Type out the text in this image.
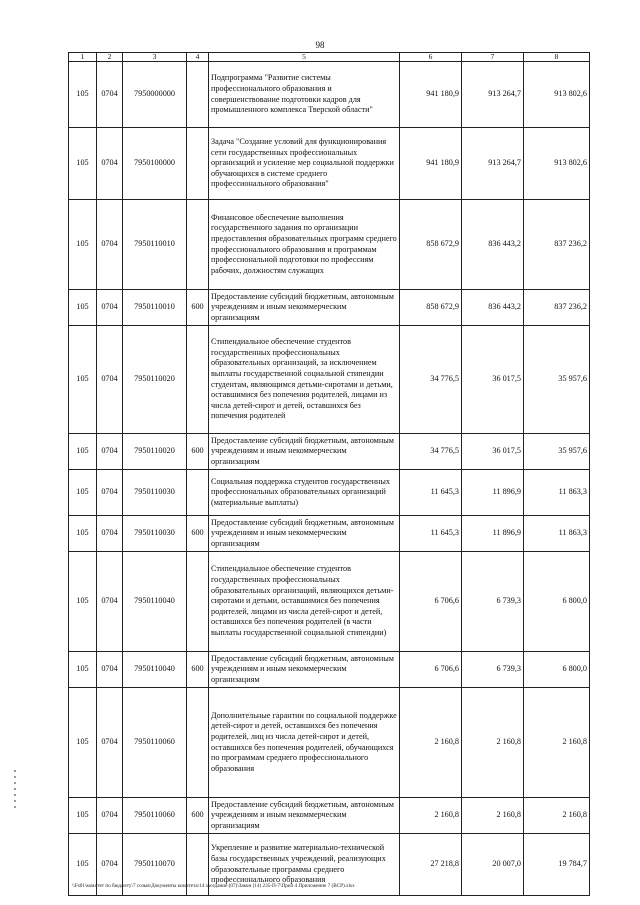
98
1	2	3	4	5	6	7	8
105	0704	7950000000		Подпрограмма "Развитие системы профессионального образования и совершенствование подготовки кадров для промышленного комплекса Тверской области"	941 180,9	913 264,7	913 802,6
105	0704	7950100000		Задача "Создание условий для функционирования сети государственных профессиональных организаций и усиление мер социальной поддержки обучающихся в системе среднего профессионального образования"	941 180,9	913 264,7	913 802,6
105	0704	7950110010		Финансовое обеспечение выполнения государственного задания по организации предоставления образовательных программ среднего профессионального образования и программам профессиональной подготовки по профессиям рабочих, должностям служащих	858 672,9	836 443,2	837 236,2
105	0704	7950110010	600	Предоставление субсидий бюджетным, автономным учреждениям и иным некоммерческим организациям	858 672,9	836 443,2	837 236,2
105	0704	7950110020		Стипендиальное обеспечение студентов государственных профессиональных образовательных организаций, за исключением выплаты государственной социальной стипендии студентам, являющимся детьми-сиротами и детьми, оставшимися без попечения родителей, лицами из числа детей-сирот и детей, оставшихся без попечения родителей	34 776,5	36 017,5	35 957,6
105	0704	7950110020	600	Предоставление субсидий бюджетным, автономным учреждениям и иным некоммерческим организациям	34 776,5	36 017,5	35 957,6
105	0704	7950110030		Социальная поддержка студентов государственных профессиональных образовательных организаций (материальные выплаты)	11 645,3	11 896,9	11 863,3
105	0704	7950110030	600	Предоставление субсидий бюджетным, автономным учреждениям и иным некоммерческим организациям	11 645,3	11 896,9	11 863,3
105	0704	7950110040		Стипендиальное обеспечение студентов государственных профессиональных образовательных организаций, являющихся детьми-сиротами и детьми, оставшимися без попечения родителей, лицами из числа детей-сирот и детей, оставшихся без попечения родителей (в части выплаты государственной социальной стипендии)	6 706,6	6 739,3	6 800,0
105	0704	7950110040	600	Предоставление субсидий бюджетным, автономным учреждениям и иным некоммерческим организациям	6 706,6	6 739,3	6 800,0
105	0704	7950110060		Дополнительные гарантии по социальной поддержке детей-сирот и детей, оставшихся без попечения родителей, лиц из числа детей-сирот и детей, оставшихся без попечения родителей, обучающихся по программам среднего профессионального образования	2 160,8	2 160,8	2 160,8
105	0704	7950110060	600	Предоставление субсидий бюджетным, автономным учреждениям и иным некоммерческим организациям	2 160,8	2 160,8	2 160,8
105	0704	7950110070		Укрепление и развитие материально-технической базы государственных учреждений, реализующих образовательные программы среднего профессионального образования	27 218,8	20 007,0	19 784,7
\\Fs01\комитет по бюджету\7 созыв\Документы комитета\14 заседание (07)\Закон (14) 235-П-7\Прил 4 Приложение 7 (ВСР).xlsx
